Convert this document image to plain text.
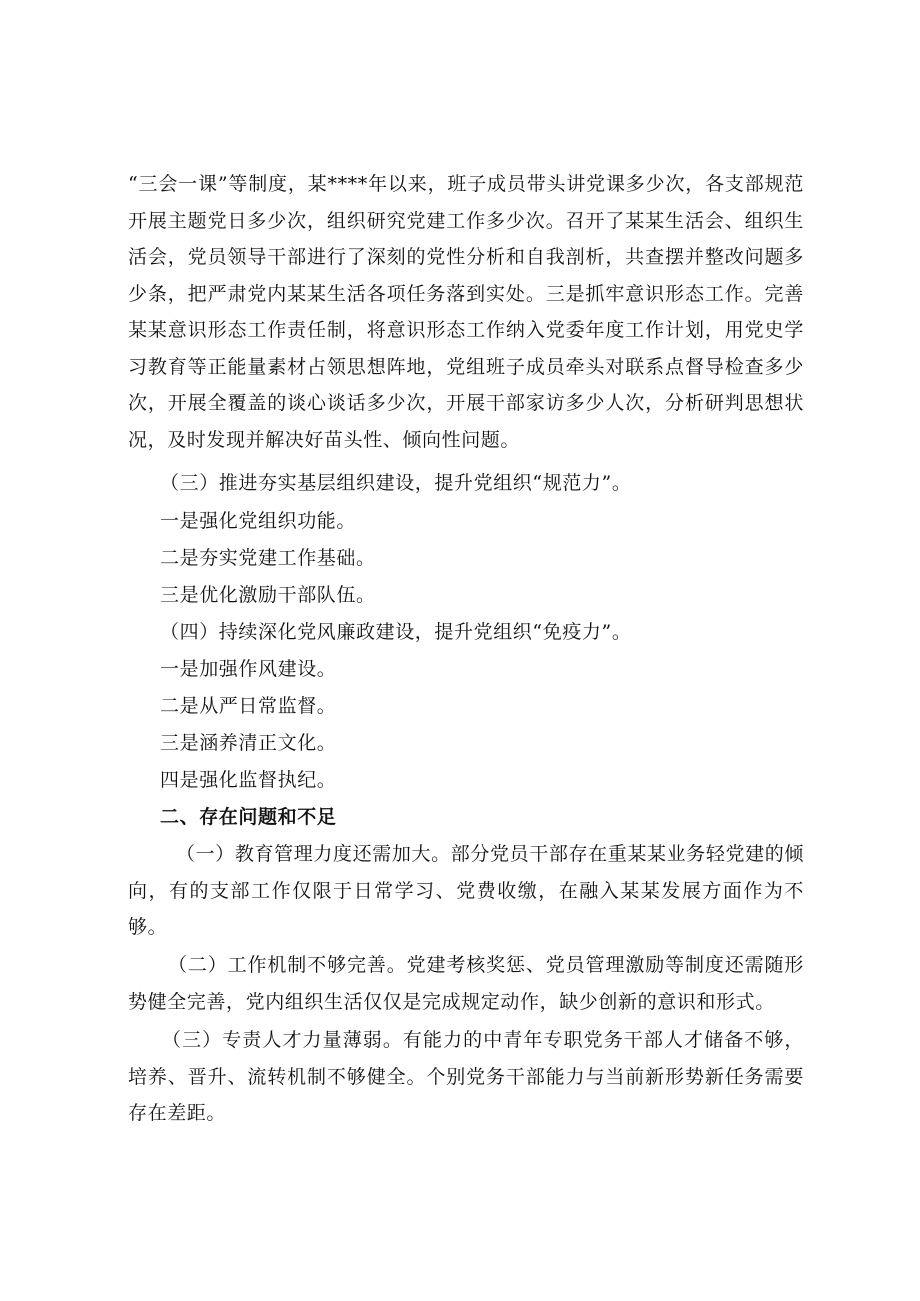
“三会一课”等制度，某****年以来，班子成员带头讲党课多少次，各支部规范开展主题党日多少次，组织研究党建工作多少次。召开了某某生活会、组织生活会，党员领导干部进行了深刻的党性分析和自我剖析，共查摆并整改问题多少条，把严肃党内某某生活各项任务落到实处。三是抓牢意识形态工作。完善某某意识形态工作责任制，将意识形态工作纳入党委年度工作计划，用党史学习教育等正能量素材占领思想阵地，党组班子成员牵头对联系点督导检查多少次，开展全覆盖的谈心谈话多少次，开展干部家访多少人次，分析研判思想状况，及时发现并解决好苗头性、倾向性问题。

（三）推进夯实基层组织建设，提升党组织“规范力”。

一是强化党组织功能。

二是夯实党建工作基础。

三是优化激励干部队伍。

（四）持续深化党风廉政建设，提升党组织“免疫力”。

一是加强作风建设。

二是从严日常监督。

三是涵养清正文化。

四是强化监督执纪。

二、存在问题和不足

（一）教育管理力度还需加大。部分党员干部存在重某某业务轻党建的倾向，有的支部工作仅限于日常学习、党费收缴，在融入某某发展方面作为不够。

（二）工作机制不够完善。党建考核奖惩、党员管理激励等制度还需随形势健全完善，党内组织生活仅仅是完成规定动作，缺少创新的意识和形式。

（三）专责人才力量薄弱。有能力的中青年专职党务干部人才储备不够，培养、晋升、流转机制不够健全。个别党务干部能力与当前新形势新任务需要存在差距。
